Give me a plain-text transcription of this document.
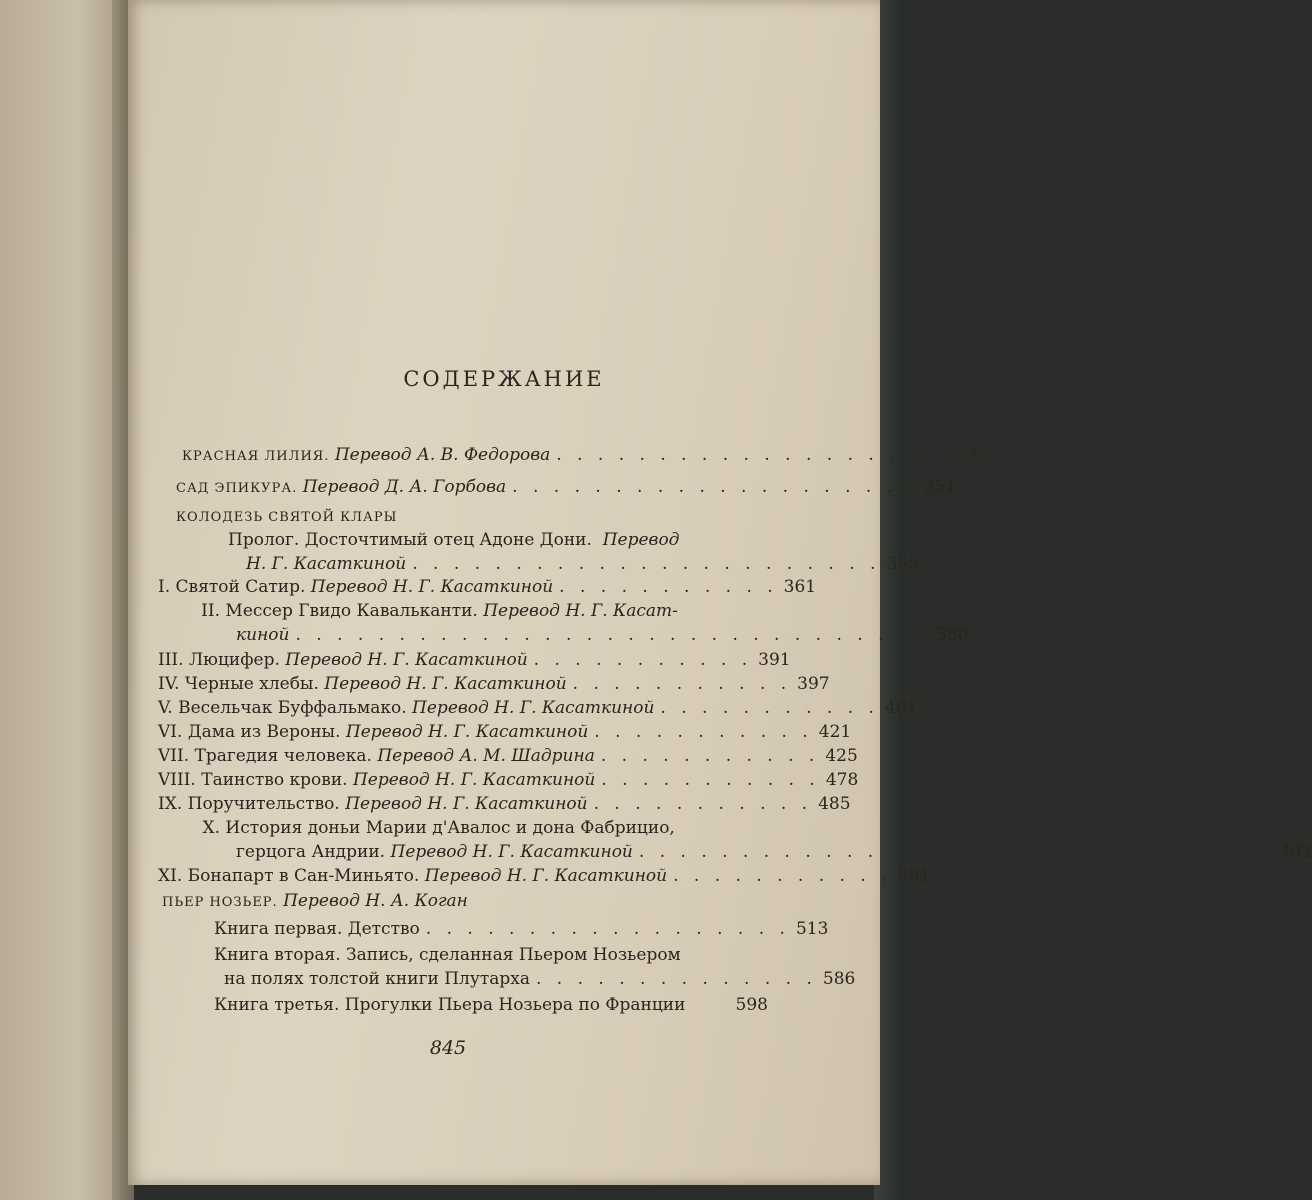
СОДЕРЖАНИЕ
КРАСНАЯ ЛИЛИЯ.
Перевод А. В. Федорова . . . . . . . . . . . . . . . . . . . . 7
САД ЭПИКУРА.
Перевод Д. А. Горбова . . . . . . . . . . . . . . . . . . . . 251
КОЛОДЕЗЬ СВЯТОЙ КЛАРЫ
Пролог. Досточтимый отец Адоне Дони.
Перевод
Н. Г. Касаткиной . . . . . . . . . . . . . . . . . . . . . . . 355
I.
Святой Сатир.
Перевод Н. Г. Касаткиной . . . . . . . . . . . 361
II.
Мессер Гвидо Кавальканти.
Перевод Н. Г. Касат-
киной . . . . . . . . . . . . . . . . . . . . . . . . . . . . . . . 380
III.
Люцифер.
Перевод Н. Г. Касаткиной . . . . . . . . . . . 391
IV.
Черные хлебы.
Перевод Н. Г. Касаткиной . . . . . . . . . . . 397
V.
Весельчак Буффальмако.
Перевод Н. Г. Касаткиной . . . . . . . . . . . 401
VI.
Дама из Вероны.
Перевод Н. Г. Касаткиной . . . . . . . . . . . 421
VII.
Трагедия человека.
Перевод А. М. Шадрина . . . . . . . . . . . 425
VIII.
Таинство крови.
Перевод Н. Г. Касаткиной . . . . . . . . . . . 478
IX.
Поручительство.
Перевод Н. Г. Касаткиной . . . . . . . . . . . 485
X.
История доньи Марии д'Авалос и дона Фабрицио,
герцога Андрии.
Перевод Н. Г. Касаткиной . . . . . . . . . . . . . . . . . . . . . . . . . . . . . . . 492
XI.
Бонапарт в Сан-Миньято.
Перевод Н. Г. Касаткиной . . . . . . . . . . . 501
ПЬЕР НОЗЬЕР.
Перевод Н. А. Коган
Книга первая. Детство . . . . . . . . . . . . . . . . . . 513
Книга вторая. Запись, сделанная Пьером Нозьером
на полях толстой книги Плутарха . . . . . . . . . . . . . . 586
Книга третья. Прогулки Пьера Нозьера по Франции	598
845
